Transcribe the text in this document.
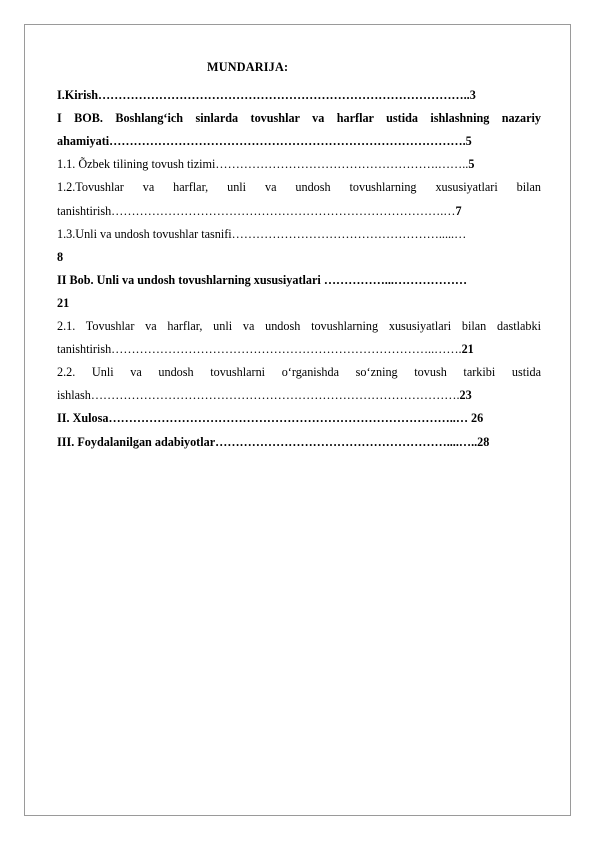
MUNDARIJA:
I.Kirish………………………………………………………………………………..3
I BOB. Boshlang‘ich sinlarda tovushlar va harflar ustida ishlashning nazariy
ahamiyati…………………………………………………………………………….5
1.1. Õzbek tilining tovush tizimi……………………………………………….……..5
1.2.Tovushlar va harflar, unli va undosh tovushlarning xususiyatlari bilan
tanishtirish……………………………………………………………………….…7
1.3.Unli va undosh tovushlar tasnifi…………………………………………….....…
8
II Bob. Unli va undosh tovushlarning xususiyatlari ……………...………………
21
2.1. Tovushlar va harflar, unli va undosh tovushlarning xususiyatlari bilan dastlabki
tanishtirish……………………………………………………………………..…….21
2.2. Unli va undosh tovushlarni o‘rganishda so‘zning tovush tarkibi ustida
ishlash……………………………………………………………………………….23
II. Xulosa…………………………………………………………………………..… 26
III. Foydalanilgan adabiyotlar…………………………………………………....…..28
